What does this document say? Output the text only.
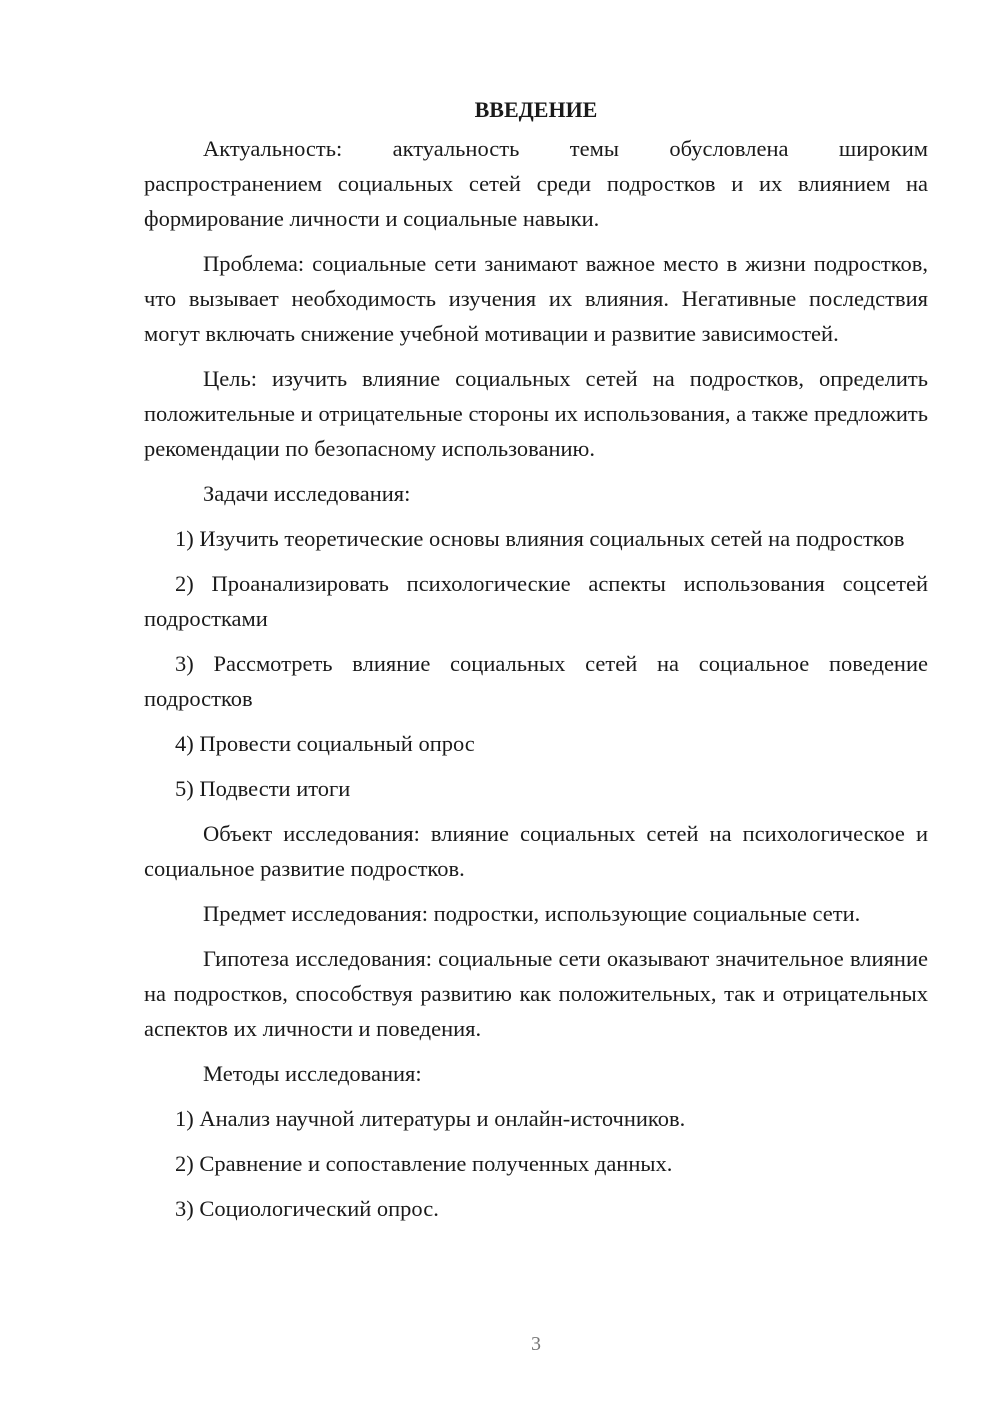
ВВЕДЕНИЕ

Актуальность: актуальность темы обусловлена широким распространением социальных сетей среди подростков и их влиянием на формирование личности и социальные навыки.

Проблема: социальные сети занимают важное место в жизни подростков, что вызывает необходимость изучения их влияния. Негативные последствия могут включать снижение учебной мотивации и развитие зависимостей.

Цель: изучить влияние социальных сетей на подростков, определить положительные и отрицательные стороны их использования, а также предложить рекомендации по безопасному использованию.

Задачи исследования:

1) Изучить теоретические основы влияния социальных сетей на подростков

2) Проанализировать психологические аспекты использования соцсетей подростками

3) Рассмотреть влияние социальных сетей на социальное поведение подростков

4) Провести социальный опрос

5) Подвести итоги

Объект исследования: влияние социальных сетей на психологическое и социальное развитие подростков.

Предмет исследования: подростки, использующие социальные сети.

Гипотеза исследования: социальные сети оказывают значительное влияние на подростков, способствуя развитию как положительных, так и отрицательных аспектов их личности и поведения.

Методы исследования:

1) Анализ научной литературы и онлайн-источников.

2) Сравнение и сопоставление полученных данных.

3) Социологический опрос.

3
